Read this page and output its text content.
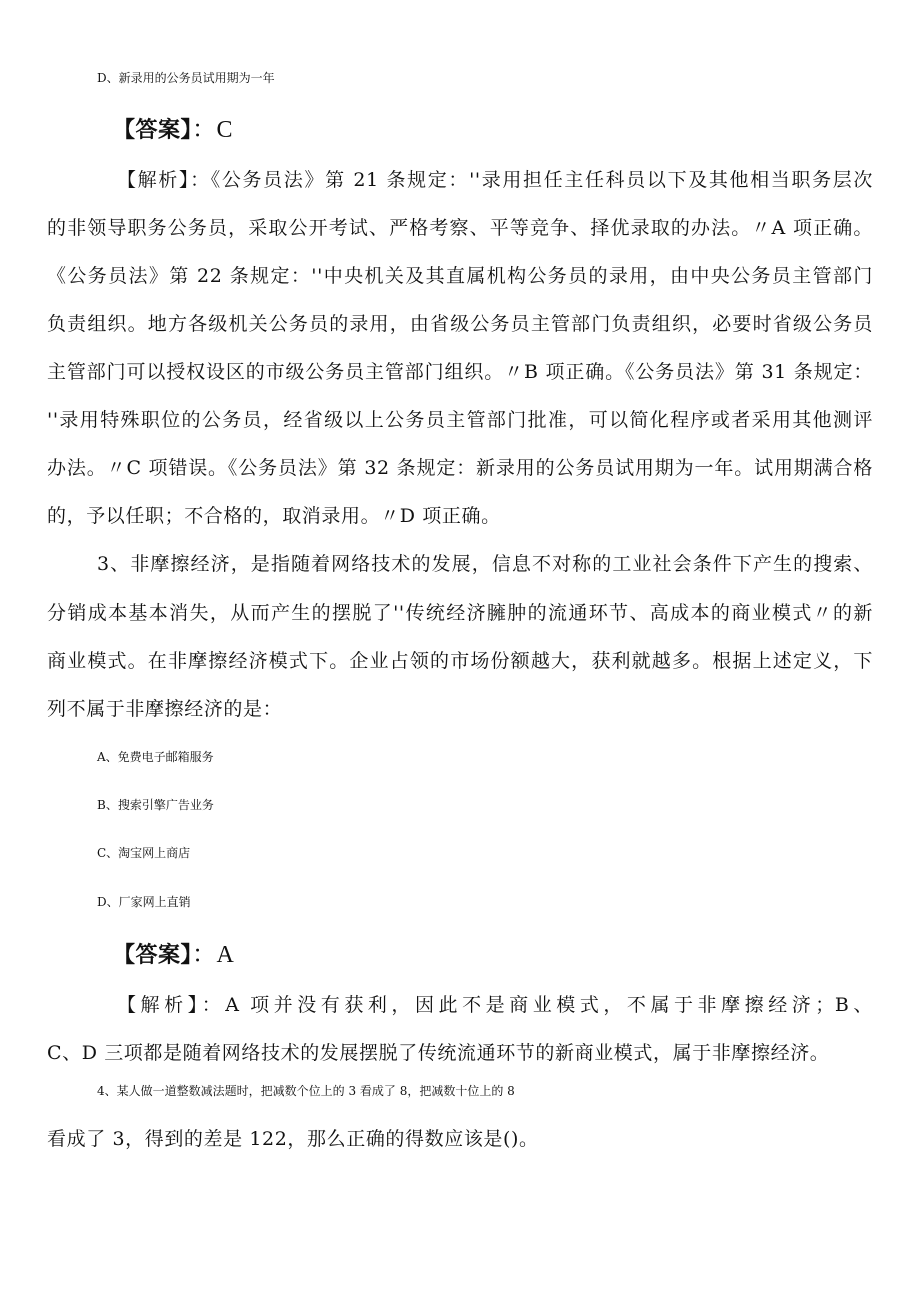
D、新录用的公务员试用期为一年
【答案】：C
【解析】：《公务员法》第 21 条规定：''录用担任主任科员以下及其他相当职务层次
的非领导职务公务员，采取公开考试、严格考察、平等竞争、择优录取的办法。〃A 项正确。
《公务员法》第 22 条规定：''中央机关及其直属机构公务员的录用，由中央公务员主管部门
负责组织。地方各级机关公务员的录用，由省级公务员主管部门负责组织，必要时省级公务员
主管部门可以授权设区的市级公务员主管部门组织。〃B 项正确。《公务员法》第 31 条规定：
''录用特殊职位的公务员，经省级以上公务员主管部门批准，可以简化程序或者采用其他测评
办法。〃C 项错误。《公务员法》第 32 条规定：新录用的公务员试用期为一年。试用期满合格
的，予以任职；不合格的，取消录用。〃D 项正确。
3、非摩擦经济，是指随着网络技术的发展，信息不对称的工业社会条件下产生的搜索、
分销成本基本消失，从而产生的摆脱了''传统经济臃肿的流通环节、高成本的商业模式〃的新
商业模式。在非摩擦经济模式下。企业占领的市场份额越大，获利就越多。根据上述定义，下
列不属于非摩擦经济的是：
A、免费电子邮箱服务
B、搜索引擎广告业务
C、淘宝网上商店
D、厂家网上直销
【答案】：A
【解析】：A 项并没有获利，因此不是商业模式，不属于非摩擦经济；B、
C、D 三项都是随着网络技术的发展摆脱了传统流通环节的新商业模式，属于非摩擦经济。
4、某人做一道整数减法题时，把减数个位上的 3 看成了 8，把减数十位上的 8
看成了 3，得到的差是 122，那么正确的得数应该是()。
